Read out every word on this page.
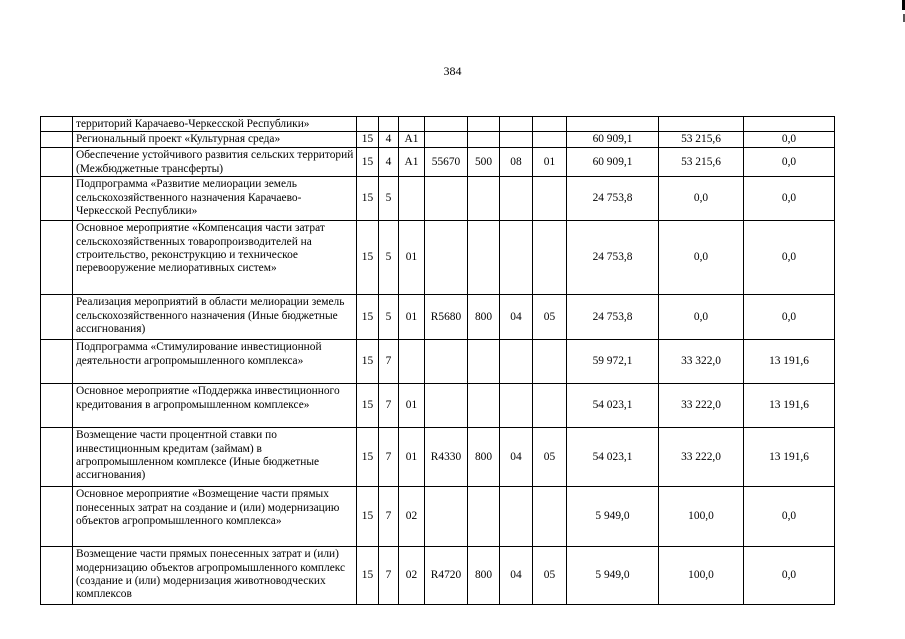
384
	территорий Карачаево-Черкесской Республики»										
	Региональный проект «Культурная среда»	15	4	А1					60 909,1	53 215,6	0,0
	Обеспечение устойчивого развития сельских территорий (Межбюджетные трансферты)	15	4	А1	55670	500	08	01	60 909,1	53 215,6	0,0
	Подпрограмма «Развитие мелиорации земель сельскохозяйственного назначения Карачаево-Черкесской Республики»	15	5						24 753,8	0,0	0,0
	Основное мероприятие «Компенсация части затрат сельскохозяйственных товаропроизводителей на строительство, реконструкцию и техническое перевооружение мелиоративных систем»	15	5	01					24 753,8	0,0	0,0
	Реализация мероприятий в области мелиорации земель сельскохозяйственного назначения (Иные бюджетные ассигнования)	15	5	01	R5680	800	04	05	24 753,8	0,0	0,0
	Подпрограмма «Стимулирование инвестиционной деятельности агропромышленного комплекса»	15	7						59 972,1	33 322,0	13 191,6
	Основное мероприятие «Поддержка инвестиционного кредитования в агропромышленном комплексе»	15	7	01					54 023,1	33 222,0	13 191,6
	Возмещение части процентной ставки по инвестиционным кредитам (займам) в агропромышленном комплексе (Иные бюджетные ассигнования)	15	7	01	R4330	800	04	05	54 023,1	33 222,0	13 191,6
	Основное мероприятие «Возмещение части прямых понесенных затрат на создание и (или) модернизацию объектов агропромышленного комплекса»	15	7	02					5 949,0	100,0	0,0
	Возмещение части прямых понесенных затрат и (или) модернизацию объектов агропромышленного комплекс (создание и (или) модернизация животноводческих комплексов	15	7	02	R4720	800	04	05	5 949,0	100,0	0,0
